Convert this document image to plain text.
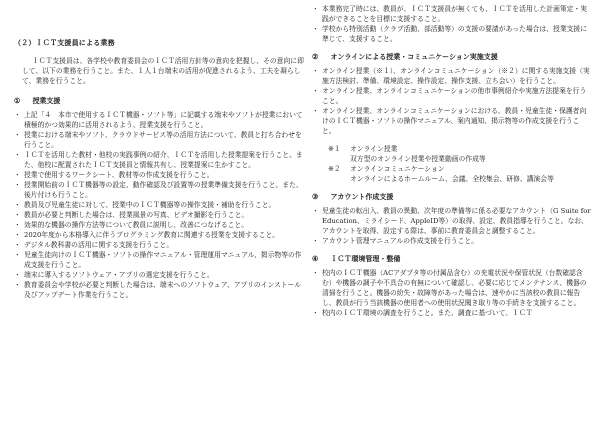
（２）ＩＣＴ支援員による業務
ＩＣＴ支援員は、各学校や教育委員会のＩＣＴ活用方針等の意向を把握し、その意向に即して、以下の業務を行うこと。また、１人１台端末の活用が促進されるよう、工夫を凝らして、業務を行うこと。
① 授業支援
・ 上記「４　本市で使用するＩＣＴ機器・ソフト等」に記載する端末やソフトが授業において積極的かつ効果的に活用されるよう、授業支援を行うこと。
・ 授業における端末やソフト、クラウドサービス等の活用方法について、教員と打ち合わせを行うこと。
・ ＩＣＴを活用した教材・他校の実践事例の紹介、ＩＣＴを活用した授業提案を行うこと。また、他校に配置されたＩＣＴ支援員と情報共有し、授業提案に生かすこと。
・ 授業で使用するワークシート、教材等の作成支援を行うこと。
・ 授業開始前のＩＣＴ機器等の設定、動作確認及び設置等の授業準備支援を行うこと。また、後片付けも行うこと。
・ 教員及び児童生徒に対して、授業中のＩＣＴ機器等の操作支援・補助を行うこと。
・ 教員が必要と判断した場合は、授業風景の写真、ビデオ撮影を行うこと。
・ 効果的な機器の操作方法等について教員に説明し、改善につなげること。
・ 2020年度から本格導入に伴うプログラミング教育に関連する授業を支援すること。
・ デジタル教科書の活用に関する支援を行うこと。
・ 児童生徒向けのＩＣＴ機器・ソフトの操作マニュアル・管理運用マニュアル、掲示物等の作成支援を行うこと。
・ 端末に導入するソフトウェア・アプリの選定支援を行うこと。
・ 教育委員会や学校が必要と判断した場合は、端末へのソフトウェア、アプリのインストール及びアップデート作業を行うこと。
・ 本業務完了時には、教員が、ＩＣＴ支援員が無くても、ＩＣＴを活用した計画策定・実践ができることを目標に支援すること。
・ 学校から特別活動（クラブ活動、部活動等）の支援の要請があった場合は、授業支援に準じて、支援すること。
② オンラインによる授業・コミュニケーション実施支援
・ オンライン授業（※１）、オンラインコミュニケーション（※２）に関する実施支援（実施方法検討、準備、環境設定、操作設定、操作支援、立ち会い）を行うこと。
・ オンライン授業、オンラインコミュニケーションの他市事例紹介や実施方法提案を行うこと。
・ オンライン授業、オンラインコミュニケーションにおける、教員・児童生徒・保護者向けのＩＣＴ機器・ソフトの操作マニュアル、案内通知、掲示物等の作成支援を行うこと。
※１	オンライン授業
双方型のオンライン授業や授業動画の作成等
※２	オンラインコミュニケーション
オンラインによるホームルーム、会議、全校集会、研修、講演会等
③ アカウント作成支援
・ 児童生徒の転出入、教員の異動、次年度の準備等に係る必要なアカウント（G Suite for Education、ミライシード、AppleID等）の取得、設定、教員指導を行うこと。なお、アカウントを取得、設定する際は、事前に教育委員会と調整すること。
・ アカウント管理マニュアルの作成支援を行うこと。
④ ＩＣＴ環境管理・整備
・ 校内のＩＣＴ機器（ACアダプタ等の付属品含む）の充電状況や保管状況（台数確認含む）や機器の調子や不具合の有無について確認し、必要に応じてメンテナンス、機器の清掃を行うこと。機器の紛失・故障等があった場合は、速やかに当該校の教員に報告し、教員が行う当該機器の使用者への使用状況聞き取り等の手続きを支援すること。
・ 校内のＩＣＴ環境の調査を行うこと。また、調査に基づいて、ＩＣＴ
